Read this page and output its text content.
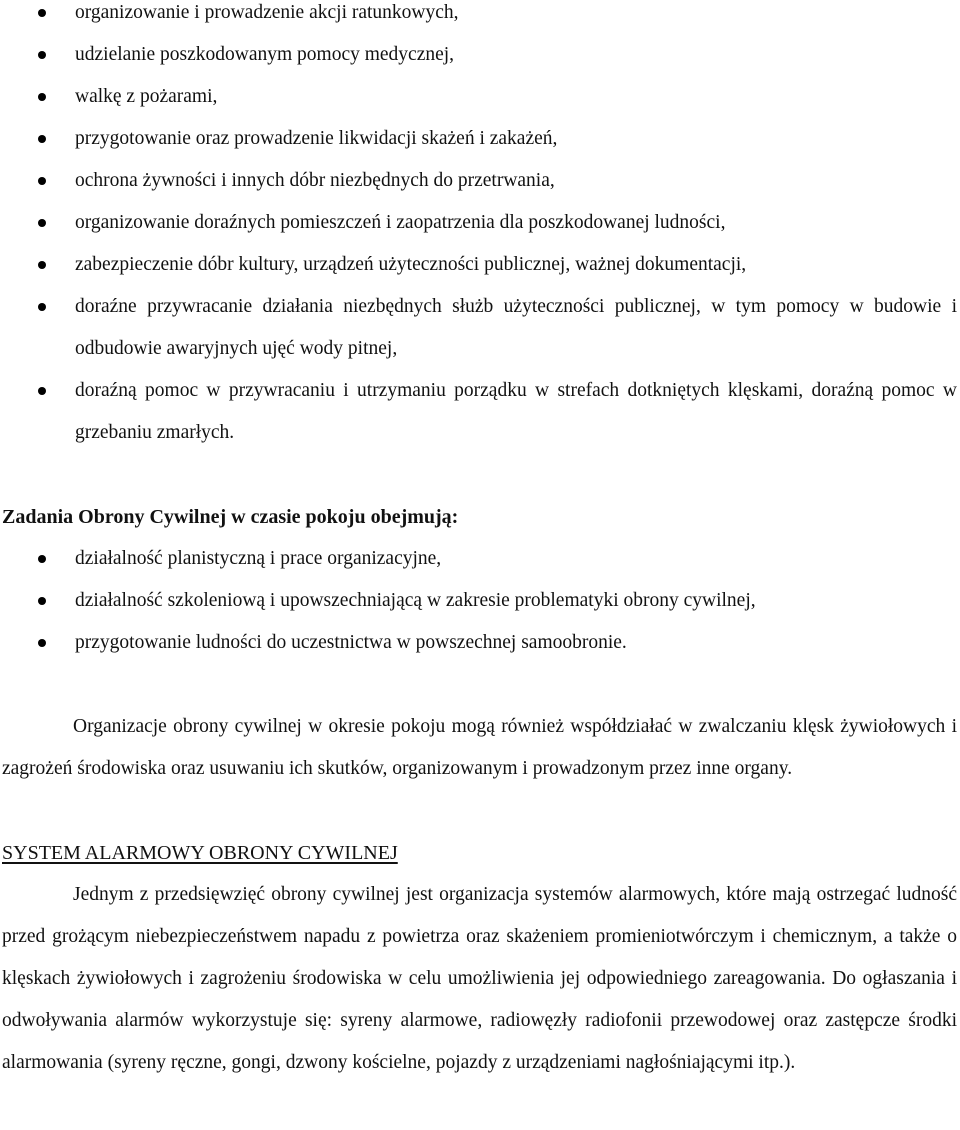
organizowanie i prowadzenie akcji ratunkowych,
udzielanie poszkodowanym pomocy medycznej,
walkę z pożarami,
przygotowanie oraz prowadzenie likwidacji skażeń i zakażeń,
ochrona żywności i innych dóbr niezbędnych do przetrwania,
organizowanie doraźnych pomieszczeń i zaopatrzenia dla poszkodowanej ludności,
zabezpieczenie dóbr kultury, urządzeń użyteczności publicznej, ważnej dokumentacji,
doraźne przywracanie działania niezbędnych służb użyteczności publicznej, w tym pomocy w budowie i odbudowie awaryjnych ujęć wody pitnej,
doraźną pomoc w przywracaniu i utrzymaniu porządku w strefach dotkniętych klęskami, doraźną pomoc w grzebaniu zmarłych.

Zadania Obrony Cywilnej w czasie pokoju obejmują:

działalność planistyczną i prace organizacyjne,
działalność szkoleniową i upowszechniającą w zakresie problematyki obrony cywilnej,
przygotowanie ludności do uczestnictwa w powszechnej samoobronie.

Organizacje obrony cywilnej w okresie pokoju mogą również współdziałać w zwalczaniu klęsk żywiołowych i zagrożeń środowiska oraz usuwaniu ich skutków, organizowanym i prowadzonym przez inne organy.

SYSTEM ALARMOWY OBRONY CYWILNEJ

Jednym z przedsięwzięć obrony cywilnej jest organizacja systemów alarmowych, które mają ostrzegać ludność przed grożącym niebezpieczeństwem napadu z powietrza oraz skażeniem promieniotwórczym i chemicznym, a także o klęskach żywiołowych i zagrożeniu środowiska w celu umożliwienia jej odpowiedniego zareagowania. Do ogłaszania i odwoływania alarmów wykorzystuje się: syreny alarmowe, radiowęzły radiofonii przewodowej oraz zastępcze środki alarmowania (syreny ręczne, gongi, dzwony kościelne, pojazdy z urządzeniami nagłośniającymi itp.).
